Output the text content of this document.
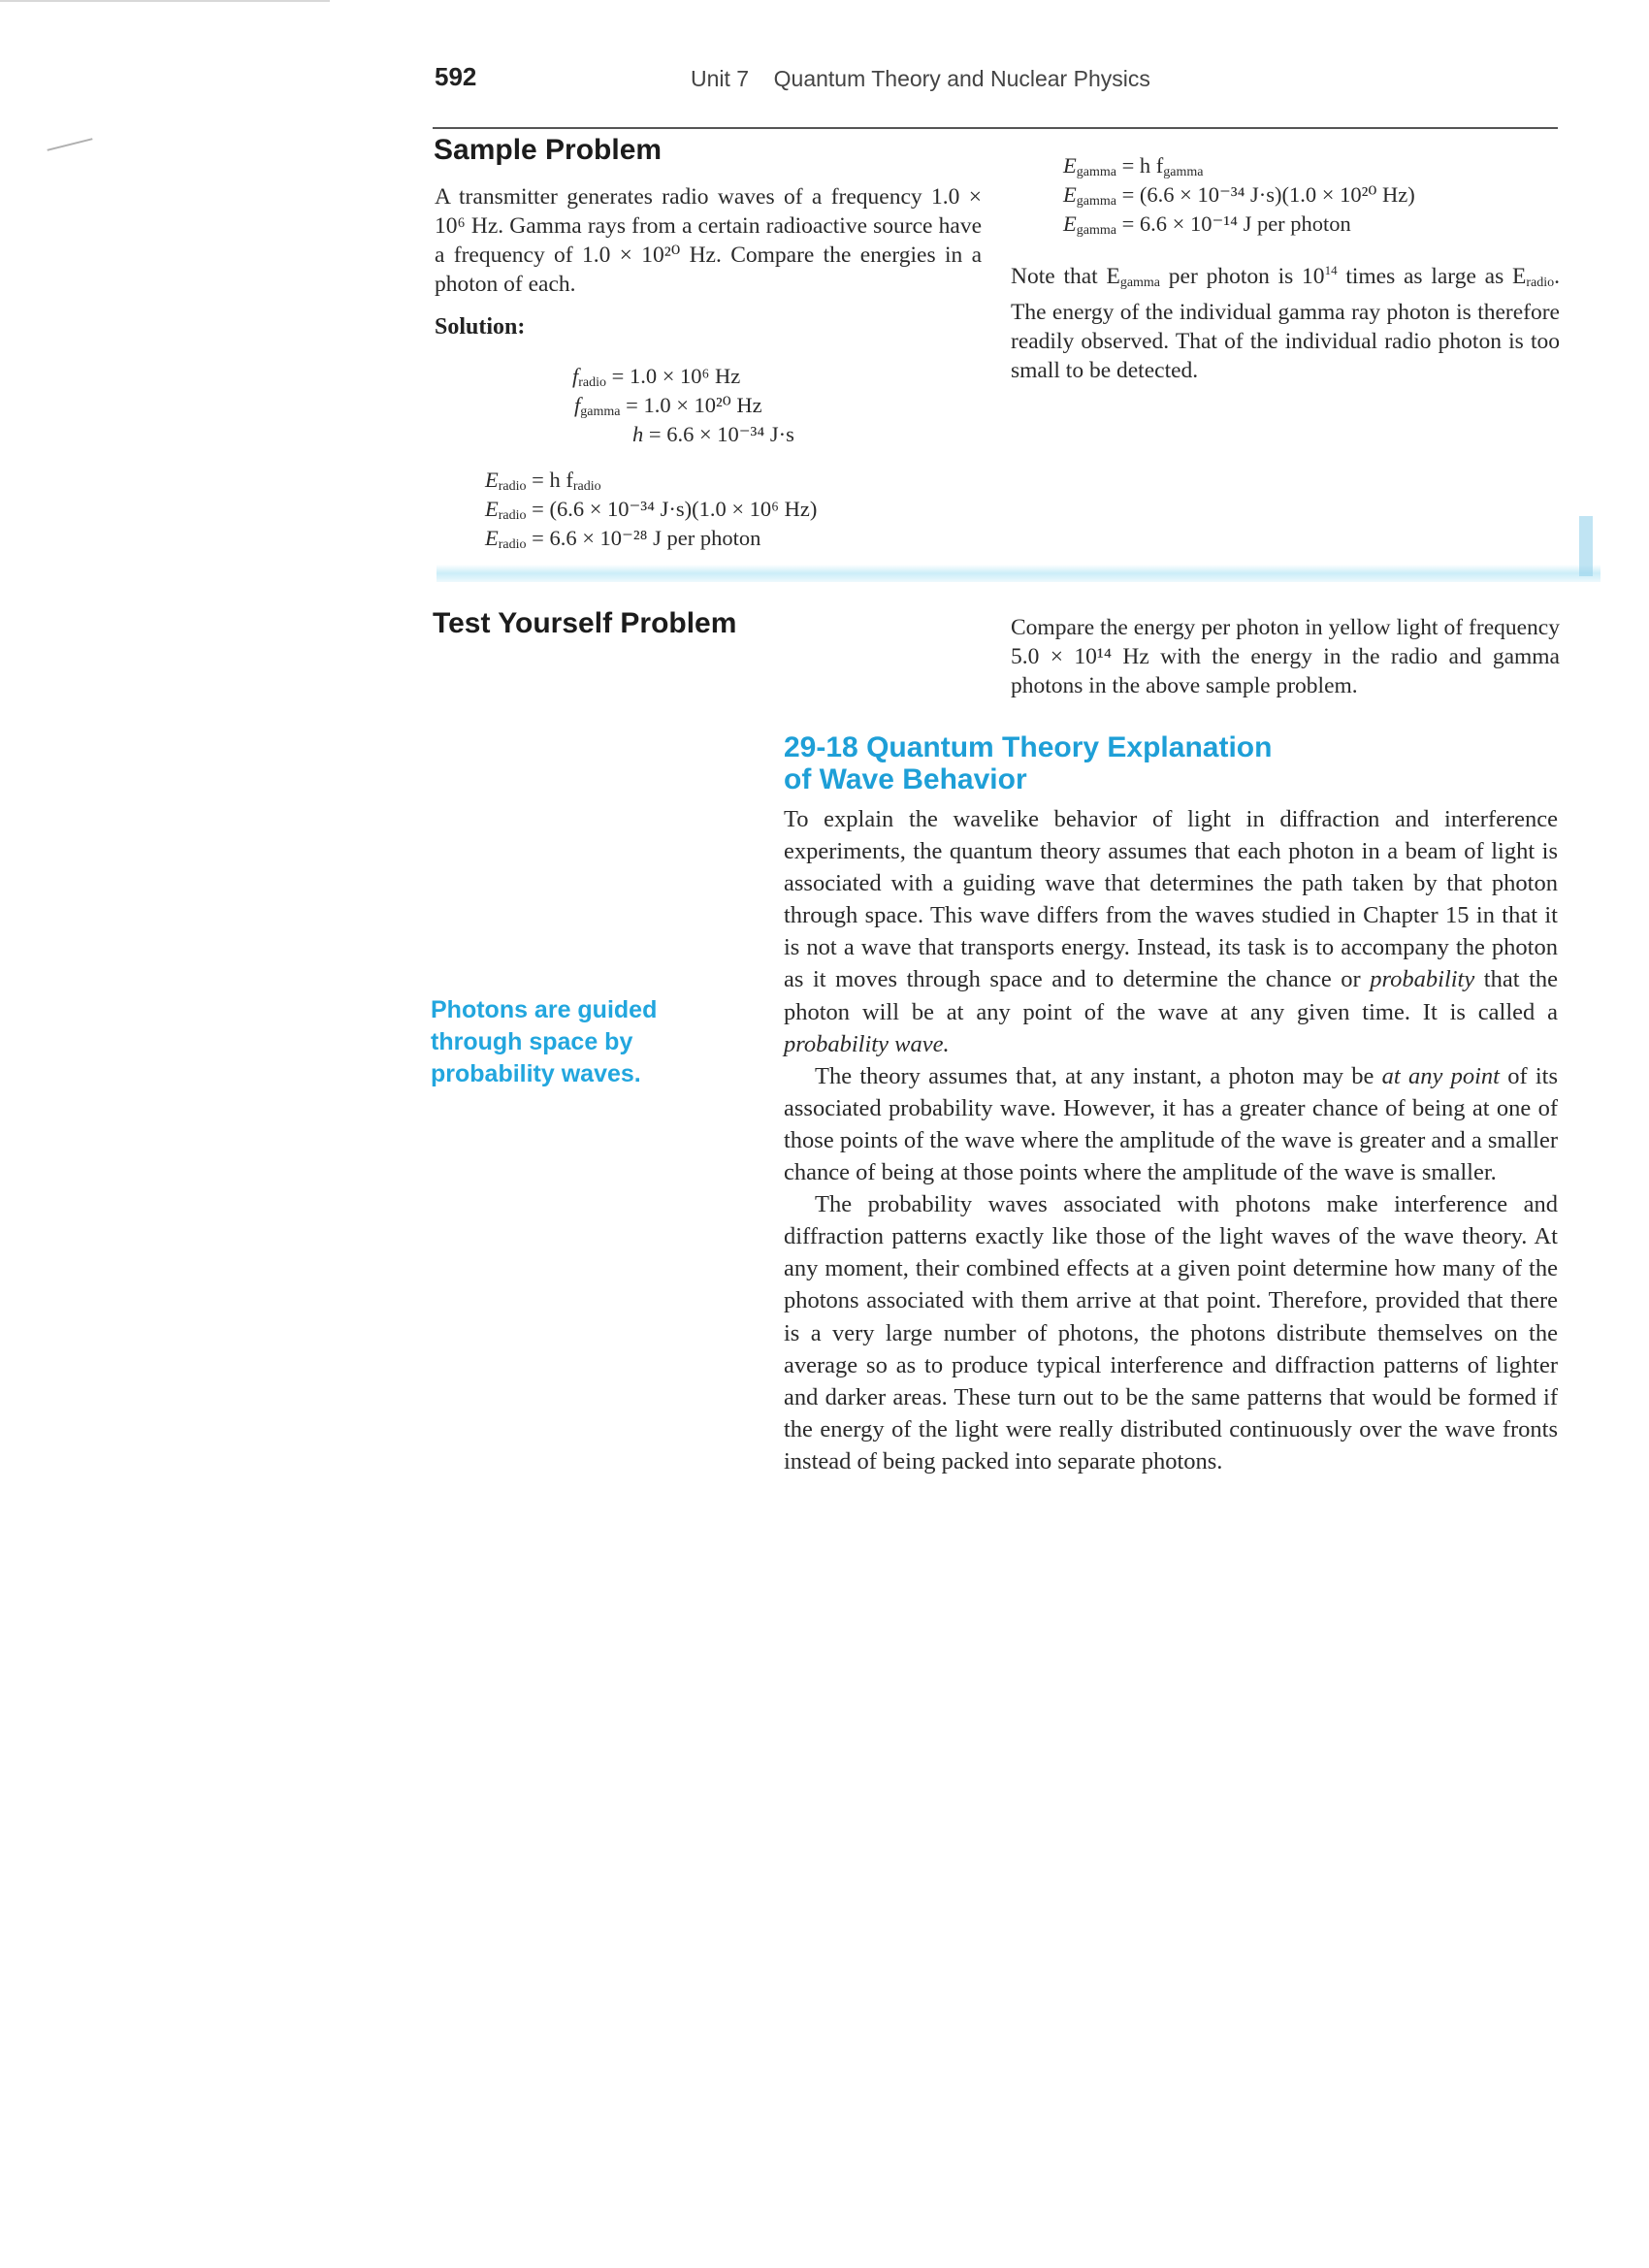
592	Unit 7    Quantum Theory and Nuclear Physics
Sample Problem
A transmitter generates radio waves of a frequency 1.0 × 10⁶ Hz. Gamma rays from a certain radioactive source have a frequency of 1.0 × 10²⁰ Hz. Compare the energies in a photon of each.
Solution:
$f_{radio} = 1.0 \times 10^6$ Hz
$f_{gamma} = 1.0 \times 10^{20}$ Hz
h = 6.6 × 10⁻³⁴ J·s
$E_{radio} = h$ $f_{radio}$
$E_{radio} = (6.6 \times 10^{-34}$ J·s)(1.0 × 10⁶ Hz)
$E_{radio} = 6.6 \times 10^{-28}$ J per photon
$E_{gamma} = h$ $f_{gamma}$
$E_{gamma} = (6.6 \times 10^{-34}$ J·s)(1.0 × 10²⁰ Hz)
$E_{gamma} = 6.6 \times 10^{-14}$ J per photon
Note that $E_{gamma}$ per photon is $10^{14}$ times as large as $E_{radio}$. The energy of the individual gamma ray photon is therefore readily observed. That of the individual radio photon is too small to be detected.
Test Yourself Problem	Compare the energy per photon in yellow light of frequency 5.0 × 10¹⁴ Hz with the energy in the radio and gamma photons in the above sample problem.
29-18 Quantum Theory Explanation
of Wave Behavior
Photons are guided through space by probability waves.
To explain the wavelike behavior of light in diffraction and interference experiments, the quantum theory assumes that each photon in a beam of light is associated with a guiding wave that determines the path taken by that photon through space. This wave differs from the waves studied in Chapter 15 in that it is not a wave that transports energy. Instead, its task is to accompany the photon as it moves through space and to determine the chance or probability that the photon will be at any point of the wave at any given time. It is called a probability wave.
The theory assumes that, at any instant, a photon may be at any point of its associated probability wave. However, it has a greater chance of being at one of those points of the wave where the amplitude of the wave is greater and a smaller chance of being at those points where the amplitude of the wave is smaller.
The probability waves associated with photons make interference and diffraction patterns exactly like those of the light waves of the wave theory. At any moment, their combined effects at a given point determine how many of the photons associated with them arrive at that point. Therefore, provided that there is a very large number of photons, the photons distribute themselves on the average so as to produce typical interference and diffraction patterns of lighter and darker areas. These turn out to be the same patterns that would be formed if the energy of the light were really distributed continuously over the wave fronts instead of being packed into separate photons.
